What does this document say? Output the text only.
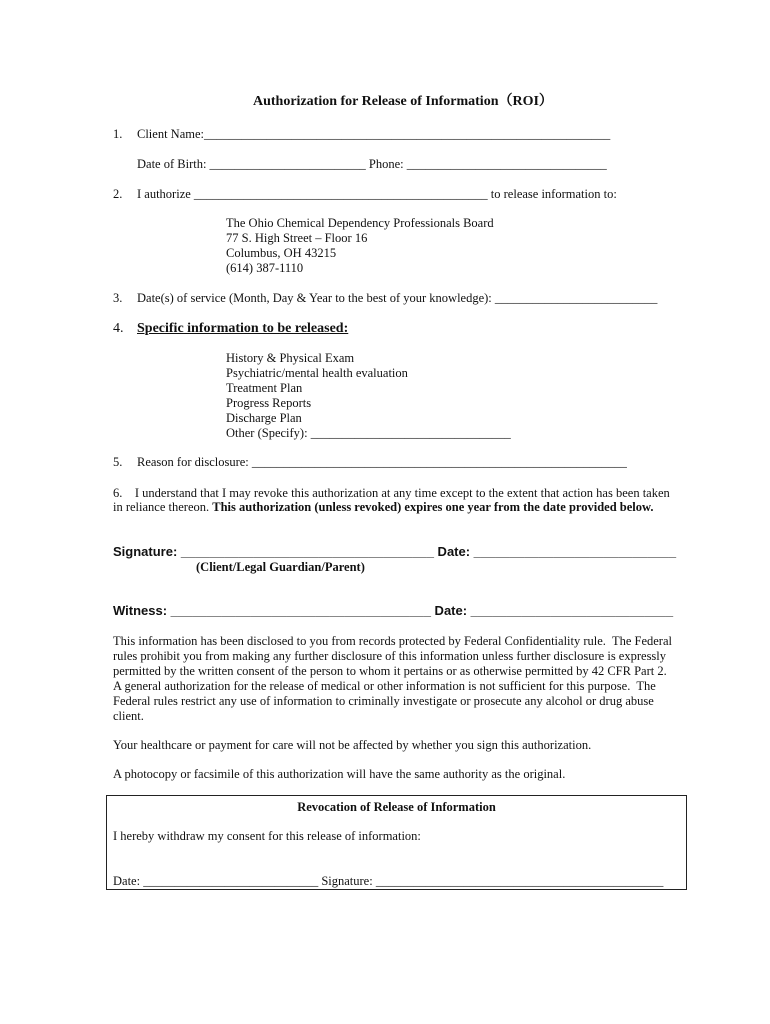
Authorization for Release of Information（ROI）
1. Client Name:_________________________________________________________________
Date of Birth: _________________________ Phone: ________________________________
2. I authorize _______________________________________________ to release information to:
The Ohio Chemical Dependency Professionals Board
77 S. High Street – Floor 16
Columbus, OH 43215
(614) 387-1110
3. Date(s) of service (Month, Day & Year to the best of your knowledge): __________________________
4. Specific information to be released:
History & Physical Exam
Psychiatric/mental health evaluation
Treatment Plan
Progress Reports
Discharge Plan
Other (Specify): ________________________________
5. Reason for disclosure: ____________________________________________________________
6.    I understand that I may revoke this authorization at any time except to the extent that action has been taken
in reliance thereon. This authorization (unless revoked) expires one year from the date provided below.
Signature: ___________________________________ Date: ____________________________
(Client/Legal Guardian/Parent)
Witness: ____________________________________ Date: ____________________________
This information has been disclosed to you from records protected by Federal Confidentiality rule.  The Federal
rules prohibit you from making any further disclosure of this information unless further disclosure is expressly
permitted by the written consent of the person to whom it pertains or as otherwise permitted by 42 CFR Part 2.
A general authorization for the release of medical or other information is not sufficient for this purpose.  The
Federal rules restrict any use of information to criminally investigate or prosecute any alcohol or drug abuse
client.
Your healthcare or payment for care will not be affected by whether you sign this authorization.
A photocopy or facsimile of this authorization will have the same authority as the original.
Revocation of Release of Information
I hereby withdraw my consent for this release of information:
Date: ____________________________ Signature: ______________________________________________
